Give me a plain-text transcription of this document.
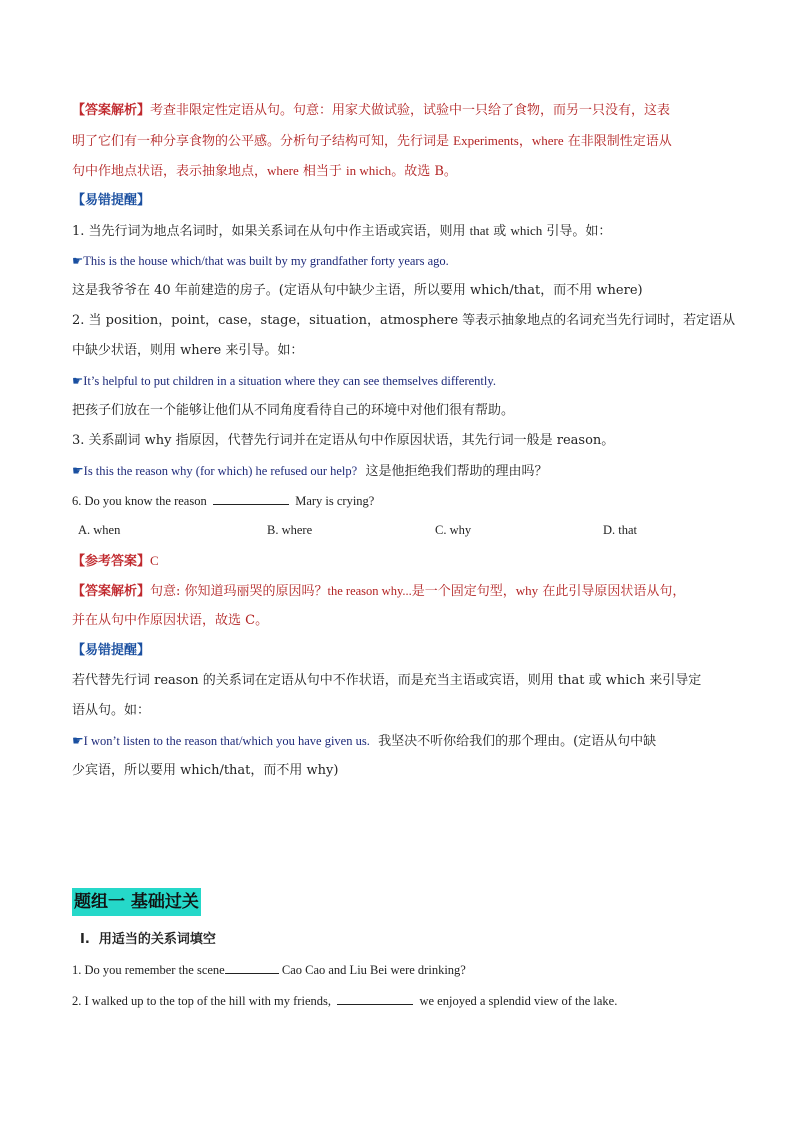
【答案解析】考查非限定性定语从句。句意：用家犬做试验，试验中一只给了食物，而另一只没有，这表
明了它们有一种分享食物的公平感。分析句子结构可知，先行词是 Experiments，where 在非限制性定语从
句中作地点状语，表示抽象地点，where 相当于 in which。故选 B。
【易错提醒】
1. 当先行词为地点名词时，如果关系词在从句中作主语或宾语，则用 that 或 which 引导。如：
☛This is the house which/that was built by my grandfather forty years ago.
这是我爷爷在 40 年前建造的房子。(定语从句中缺少主语，所以要用 which/that，而不用 where)
2. 当 position，point，case，stage，situation，atmosphere 等表示抽象地点的名词充当先行词时，若定语从
中缺少状语，则用 where 来引导。如：
☛It’s helpful to put children in a situation where they can see themselves differently.
把孩子们放在一个能够让他们从不同角度看待自己的环境中对他们很有帮助。
3. 关系副词 why 指原因，代替先行词并在定语从句中作原因状语，其先行词一般是 reason。
☛Is this the reason why (for which) he refused our help? 这是他拒绝我们帮助的理由吗？
6. Do you know the reason	Mary is crying?
A. when	B. where	C. why	D. that
【参考答案】C
【答案解析】句意: 你知道玛丽哭的原因吗？the reason why...是一个固定句型，why 在此引导原因状语从句，
并在从句中作原因状语，故选 C。
【易错提醒】
若代替先行词 reason 的关系词在定语从句中不作状语，而是充当主语或宾语，则用 that 或 which 来引导定
语从句。如：
☛I won’t listen to the reason that/which you have given us. 我坚决不听你给我们的那个理由。(定语从句中缺
少宾语，所以要用 which/that，而不用 why)
题组一 基础过关
I. 用适当的关系词填空
1. Do you remember the scene	Cao Cao and Liu Bei were drinking?
2. I walked up to the top of the hill with my friends,	we enjoyed a splendid view of the lake.
